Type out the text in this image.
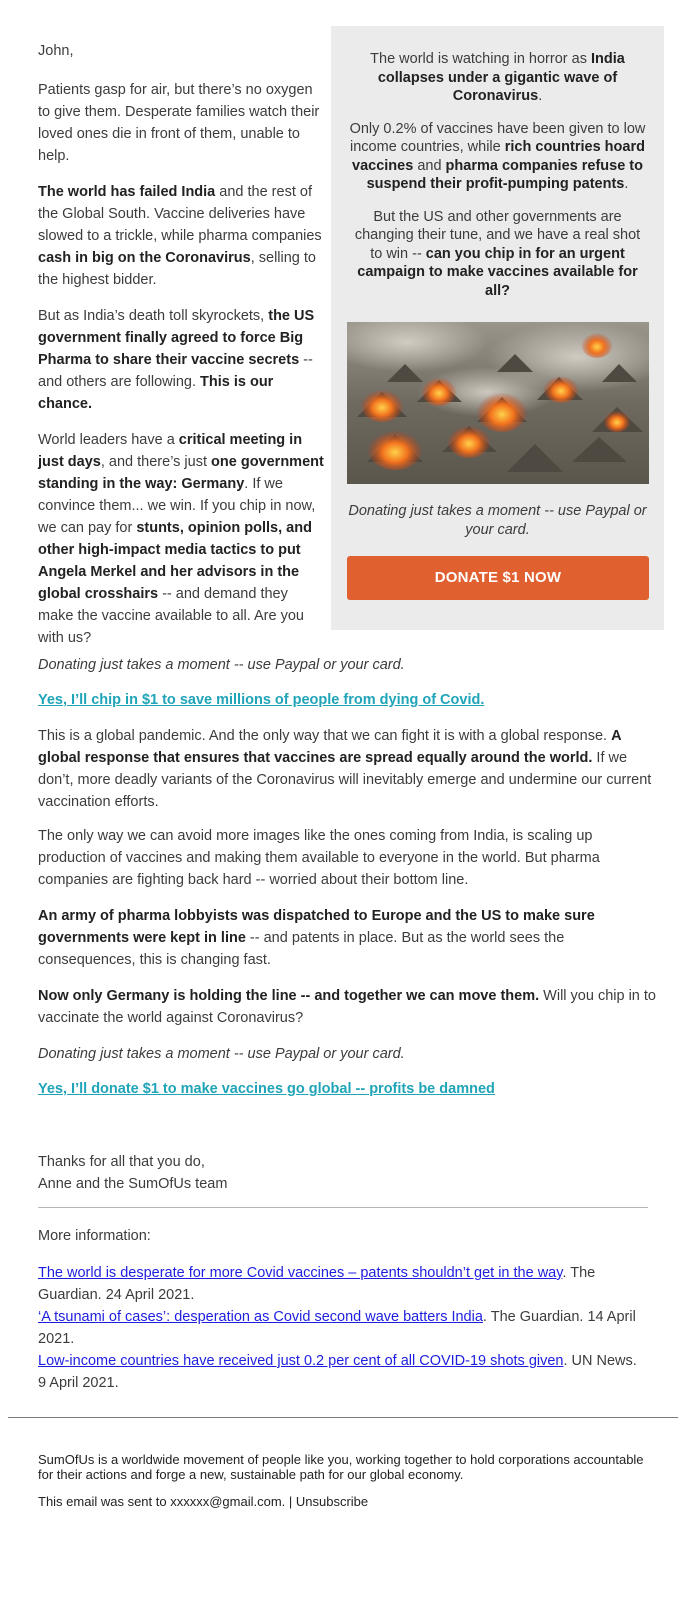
John,

Patients gasp for air, but there’s no oxygen to give them. Desperate families watch their loved ones die in front of them, unable to help.

The world has failed India and the rest of the Global South. Vaccine deliveries have slowed to a trickle, while pharma companies cash in big on the Coronavirus, selling to the highest bidder.

But as India’s death toll skyrockets, the US government finally agreed to force Big Pharma to share their vaccine secrets -- and others are following. This is our chance.

World leaders have a critical meeting in just days, and there’s just one government standing in the way: Germany. If we convince them... we win. If you chip in now, we can pay for stunts, opinion polls, and other high-impact media tactics to put Angela Merkel and her advisors in the global crosshairs -- and demand they make the vaccine available to all. Are you with us?

The world is watching in horror as India collapses under a gigantic wave of Coronavirus.

Only 0.2% of vaccines have been given to low income countries, while rich countries hoard vaccines and pharma companies refuse to suspend their profit-pumping patents.

But the US and other governments are changing their tune, and we have a real shot to win -- can you chip in for an urgent campaign to make vaccines available for all?

Donating just takes a moment -- use Paypal or your card.

DONATE $1 NOW

Donating just takes a moment -- use Paypal or your card.

Yes, I’ll chip in $1 to save millions of people from dying of Covid.

This is a global pandemic. And the only way that we can fight it is with a global response. A global response that ensures that vaccines are spread equally around the world. If we don’t, more deadly variants of the Coronavirus will inevitably emerge and undermine our current vaccination efforts.

The only way we can avoid more images like the ones coming from India, is scaling up production of vaccines and making them available to everyone in the world. But pharma companies are fighting back hard -- worried about their bottom line.

An army of pharma lobbyists was dispatched to Europe and the US to make sure governments were kept in line -- and patents in place. But as the world sees the consequences, this is changing fast.

Now only Germany is holding the line -- and together we can move them. Will you chip in to vaccinate the world against Coronavirus?

Donating just takes a moment -- use Paypal or your card.

Yes, I’ll donate $1 to make vaccines go global -- profits be damned

Thanks for all that you do,

Anne and the SumOfUs team

More information:

The world is desperate for more Covid vaccines – patents shouldn’t get in the way. The Guardian. 24 April 2021.

‘A tsunami of cases’: desperation as Covid second wave batters India. The Guardian. 14 April 2021.

Low-income countries have received just 0.2 per cent of all COVID-19 shots given. UN News. 9 April 2021.

SumOfUs is a worldwide movement of people like you, working together to hold corporations accountable for their actions and forge a new, sustainable path for our global economy.
This email was sent to xxxxxx@gmail.com. | Unsubscribe
